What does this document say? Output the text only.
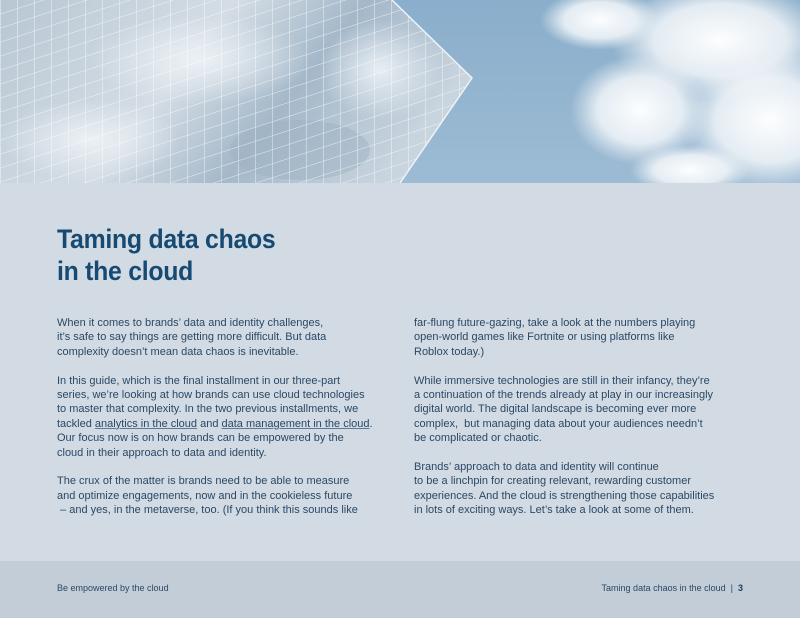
Taming data chaos
in the cloud

When it comes to brands’ data and identity challenges,
it’s safe to say things are getting more difficult. But data
complexity doesn’t mean data chaos is inevitable.

In this guide, which is the final installment in our three-part
series, we’re looking at how brands can use cloud technologies
to master that complexity. In the two previous installments, we
tackled analytics in the cloud and data management in the cloud.
Our focus now is on how brands can be empowered by the
cloud in their approach to data and identity.

The crux of the matter is brands need to be able to measure
and optimize engagements, now and in the cookieless future
– and yes, in the metaverse, too. (If you think this sounds like

far-flung future-gazing, take a look at the numbers playing
open-world games like Fortnite or using platforms like
Roblox today.)

While immersive technologies are still in their infancy, they’re
a continuation of the trends already at play in our increasingly
digital world. The digital landscape is becoming ever more
complex,  but managing data about your audiences needn’t
be complicated or chaotic.

Brands’ approach to data and identity will continue
to be a linchpin for creating relevant, rewarding customer
experiences. And the cloud is strengthening those capabilities
in lots of exciting ways. Let’s take a look at some of them.

Be empowered by the cloud	Taming data chaos in the cloud | 3
